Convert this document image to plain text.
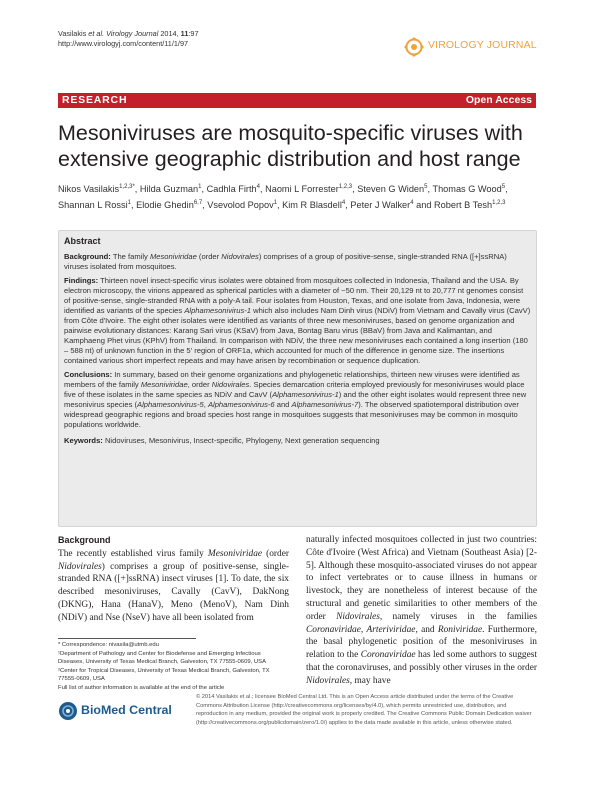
Vasilakis et al. Virology Journal 2014, 11:97
http://www.virologyj.com/content/11/1/97	VIROLOGY JOURNAL
RESEARCH	Open Access
Mesoniviruses are mosquito-specific viruses with extensive geographic distribution and host range
Nikos Vasilakis$^{1,2,3*}$, Hilda Guzman$^1$, Cadhla Firth$^4$, Naomi L Forrester$^{1,2,3}$, Steven G Widen$^5$, Thomas G Wood$^5$, Shannan L Rossi$^1$, Elodie Ghedin$^{6,7}$, Vsevolod Popov$^1$, Kim R Blasdell$^4$, Peter J Walker$^4$ and Robert B Tesh$^{1,2,3}$
Abstract

Background: The family Mesoniviridae (order Nidovirales) comprises of a group of positive-sense, single-stranded RNA ([+]ssRNA) viruses isolated from mosquitoes.

Findings: Thirteen novel insect-specific virus isolates were obtained from mosquitoes collected in Indonesia, Thailand and the USA. By electron microscopy, the virions appeared as spherical particles with a diameter of ~50 nm. Their 20,129 nt to 20,777 nt genomes consist of positive-sense, single-stranded RNA with a poly-A tail. Four isolates from Houston, Texas, and one isolate from Java, Indonesia, were identified as variants of the species Alphamesonivirus-1 which also includes Nam Dinh virus (NDiV) from Vietnam and Cavally virus (CavV) from Côte d'Ivoire. The eight other isolates were identified as variants of three new mesoniviruses, based on genome organization and pairwise evolutionary distances: Karang Sari virus (KSaV) from Java, Bontag Baru virus (BBaV) from Java and Kalimantan, and Kamphaeng Phet virus (KPhV) from Thailand. In comparison with NDiV, the three new mesoniviruses each contained a long insertion (180 – 588 nt) of unknown function in the 5' region of ORF1a, which accounted for much of the difference in genome size. The insertions contained various short imperfect repeats and may have arisen by recombination or sequence duplication.

Conclusions: In summary, based on their genome organizations and phylogenetic relationships, thirteen new viruses were identified as members of the family Mesoniviridae, order Nidovirales. Species demarcation criteria employed previously for mesoniviruses would place five of these isolates in the same species as NDiV and CavV (Alphamesonivirus-1) and the other eight isolates would represent three new mesonivirus species (Alphamesonivirus-5, Alphamesonivirus-6 and Alphamesonivirus-7). The observed spatiotemporal distribution over widespread geographic regions and broad species host range in mosquitoes suggests that mesoniviruses may be common in mosquito populations worldwide.

Keywords: Nidoviruses, Mesonivirus, Insect-specific, Phylogeny, Next generation sequencing

Background

The recently established virus family Mesoniviridae (order Nidovirales) comprises a group of positive-sense, single-stranded RNA ([+]ssRNA) insect viruses [1]. To date, the six described mesoniviruses, Cavally (CavV), DakNong (DKNG), Hana (HanaV), Meno (MenoV), Nam Dinh (NDiV) and Nse (NseV) have all been isolated from

* Correspondence: nivasila@utmb.edu

¹Department of Pathology and Center for Biodefense and Emerging Infectious Diseases, University of Texas Medical Branch, Galveston, TX 77555-0609, USA

²Center for Tropical Diseases, University of Texas Medical Branch, Galveston, TX 77555-0609, USA

Full list of author information is available at the end of the article

naturally infected mosquitoes collected in just two countries: Côte d'Ivoire (West Africa) and Vietnam (Southeast Asia) [2-5]. Although these mosquito-associated viruses do not appear to infect vertebrates or to cause illness in humans or livestock, they are nonetheless of interest because of the structural and genetic similarities to other members of the order Nidovirales, namely viruses in the families Coronaviridae, Arteriviridae, and Roniviridae. Furthermore, the basal phylogenetic position of the mesoniviruses in relation to the Coronaviridae has led some authors to suggest that the coronaviruses, and possibly other viruses in the order Nidovirales, may have

BioMed Central
© 2014 Vasilakis et al.; licensee BioMed Central Ltd. This is an Open Access article distributed under the terms of the Creative Commons Attribution License (http://creativecommons.org/licenses/by/4.0), which permits unrestricted use, distribution, and reproduction in any medium, provided the original work is properly credited. The Creative Commons Public Domain Dedication waiver (http://creativecommons.org/publicdomain/zero/1.0/) applies to the data made available in this article, unless otherwise stated.
